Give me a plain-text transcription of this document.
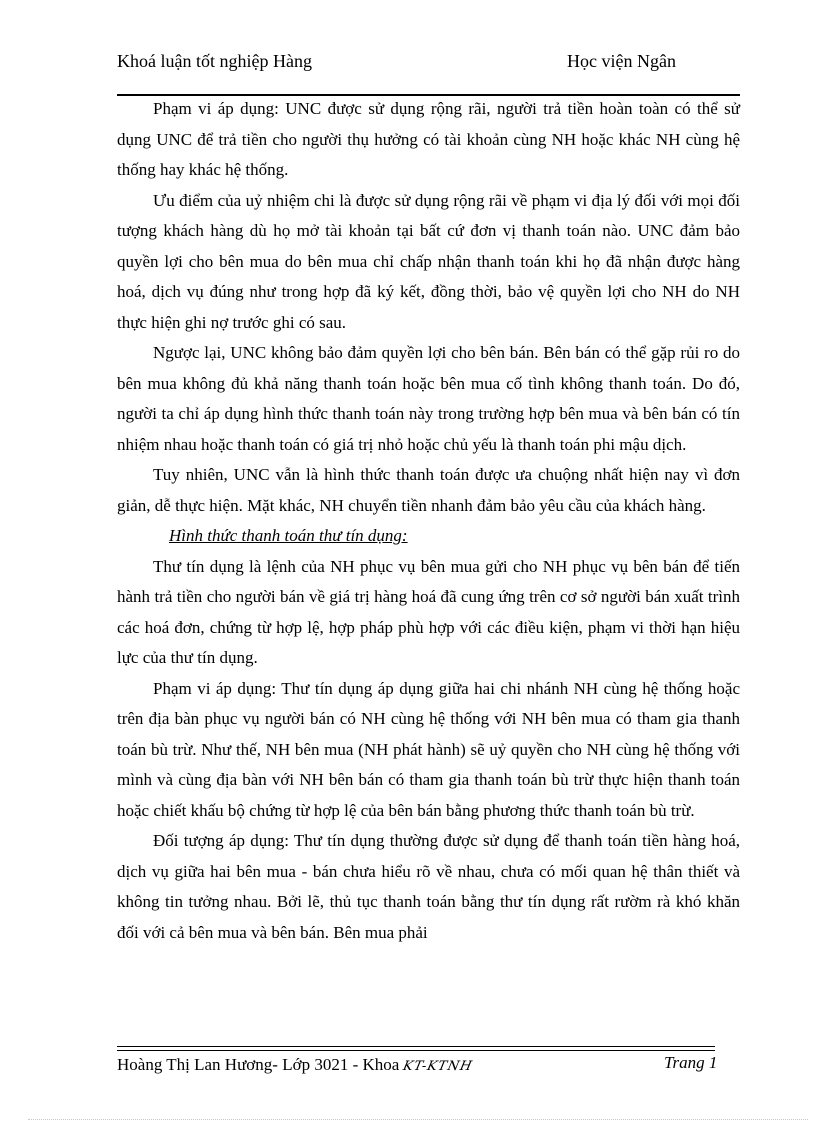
Khoá luận tốt nghiệp Hàng	Học viện Ngân

Phạm vi áp dụng: UNC được sử dụng rộng rãi, người trả tiền hoàn toàn có thể sử dụng UNC để trả tiền cho người thụ hưởng có tài khoản cùng NH hoặc khác NH cùng hệ thống hay khác hệ thống.

Ưu điểm của uỷ nhiệm chi là được sử dụng rộng rãi về phạm vi địa lý đối với mọi đối tượng khách hàng dù họ mở tài khoản tại bất cứ đơn vị thanh toán nào. UNC đảm bảo quyền lợi cho bên mua do bên mua chỉ chấp nhận thanh toán khi họ đã nhận được hàng hoá, dịch vụ đúng như trong hợp đã ký kết, đồng thời, bảo vệ quyền lợi cho NH do NH thực hiện ghi nợ trước ghi có sau.

Ngược lại, UNC không bảo đảm quyền lợi cho bên bán. Bên bán có thể gặp rủi ro do bên mua không đủ khả năng thanh toán hoặc bên mua cố tình không thanh toán. Do đó, người ta chỉ áp dụng hình thức thanh toán này trong trường hợp bên mua và bên bán có tín nhiệm nhau hoặc thanh toán có giá trị nhỏ hoặc chủ yếu là thanh toán phi mậu dịch.

Tuy nhiên, UNC vẫn là hình thức thanh toán được ưa chuộng nhất hiện nay vì đơn giản, dễ thực hiện. Mặt khác, NH chuyển tiền nhanh đảm bảo yêu cầu của khách hàng.

Hình thức thanh toán thư tín dụng:

Thư tín dụng là lệnh của NH phục vụ bên mua gửi cho NH phục vụ bên bán để tiến hành trả tiền cho người bán về giá trị hàng hoá đã cung ứng trên cơ sở người bán xuất trình các hoá đơn, chứng từ hợp lệ, hợp pháp phù hợp với các điều kiện, phạm vi thời hạn hiệu lực của thư tín dụng.

Phạm vi áp dụng: Thư tín dụng áp dụng giữa hai chi nhánh NH cùng hệ thống hoặc trên địa bàn phục vụ người bán có NH cùng hệ thống với NH bên mua có tham gia thanh toán bù trừ. Như thế, NH bên mua (NH phát hành) sẽ uỷ quyền cho NH cùng hệ thống với mình và cùng địa bàn với NH bên bán có tham gia thanh toán bù trừ thực hiện thanh toán hoặc chiết khấu bộ chứng từ hợp lệ của bên bán bằng phương thức thanh toán bù trừ.

Đối tượng áp dụng: Thư tín dụng thường được sử dụng để thanh toán tiền hàng hoá, dịch vụ giữa hai bên mua - bán chưa hiểu rõ về nhau, chưa có mối quan hệ thân thiết và không tin tưởng nhau. Bởi lẽ, thủ tục thanh toán bằng thư tín dụng rất rườm rà khó khăn đối với cả bên mua và bên bán. Bên mua phải

Hoàng Thị Lan Hương- Lớp 3021 - Khoa KT-KTNH	Trang 1
